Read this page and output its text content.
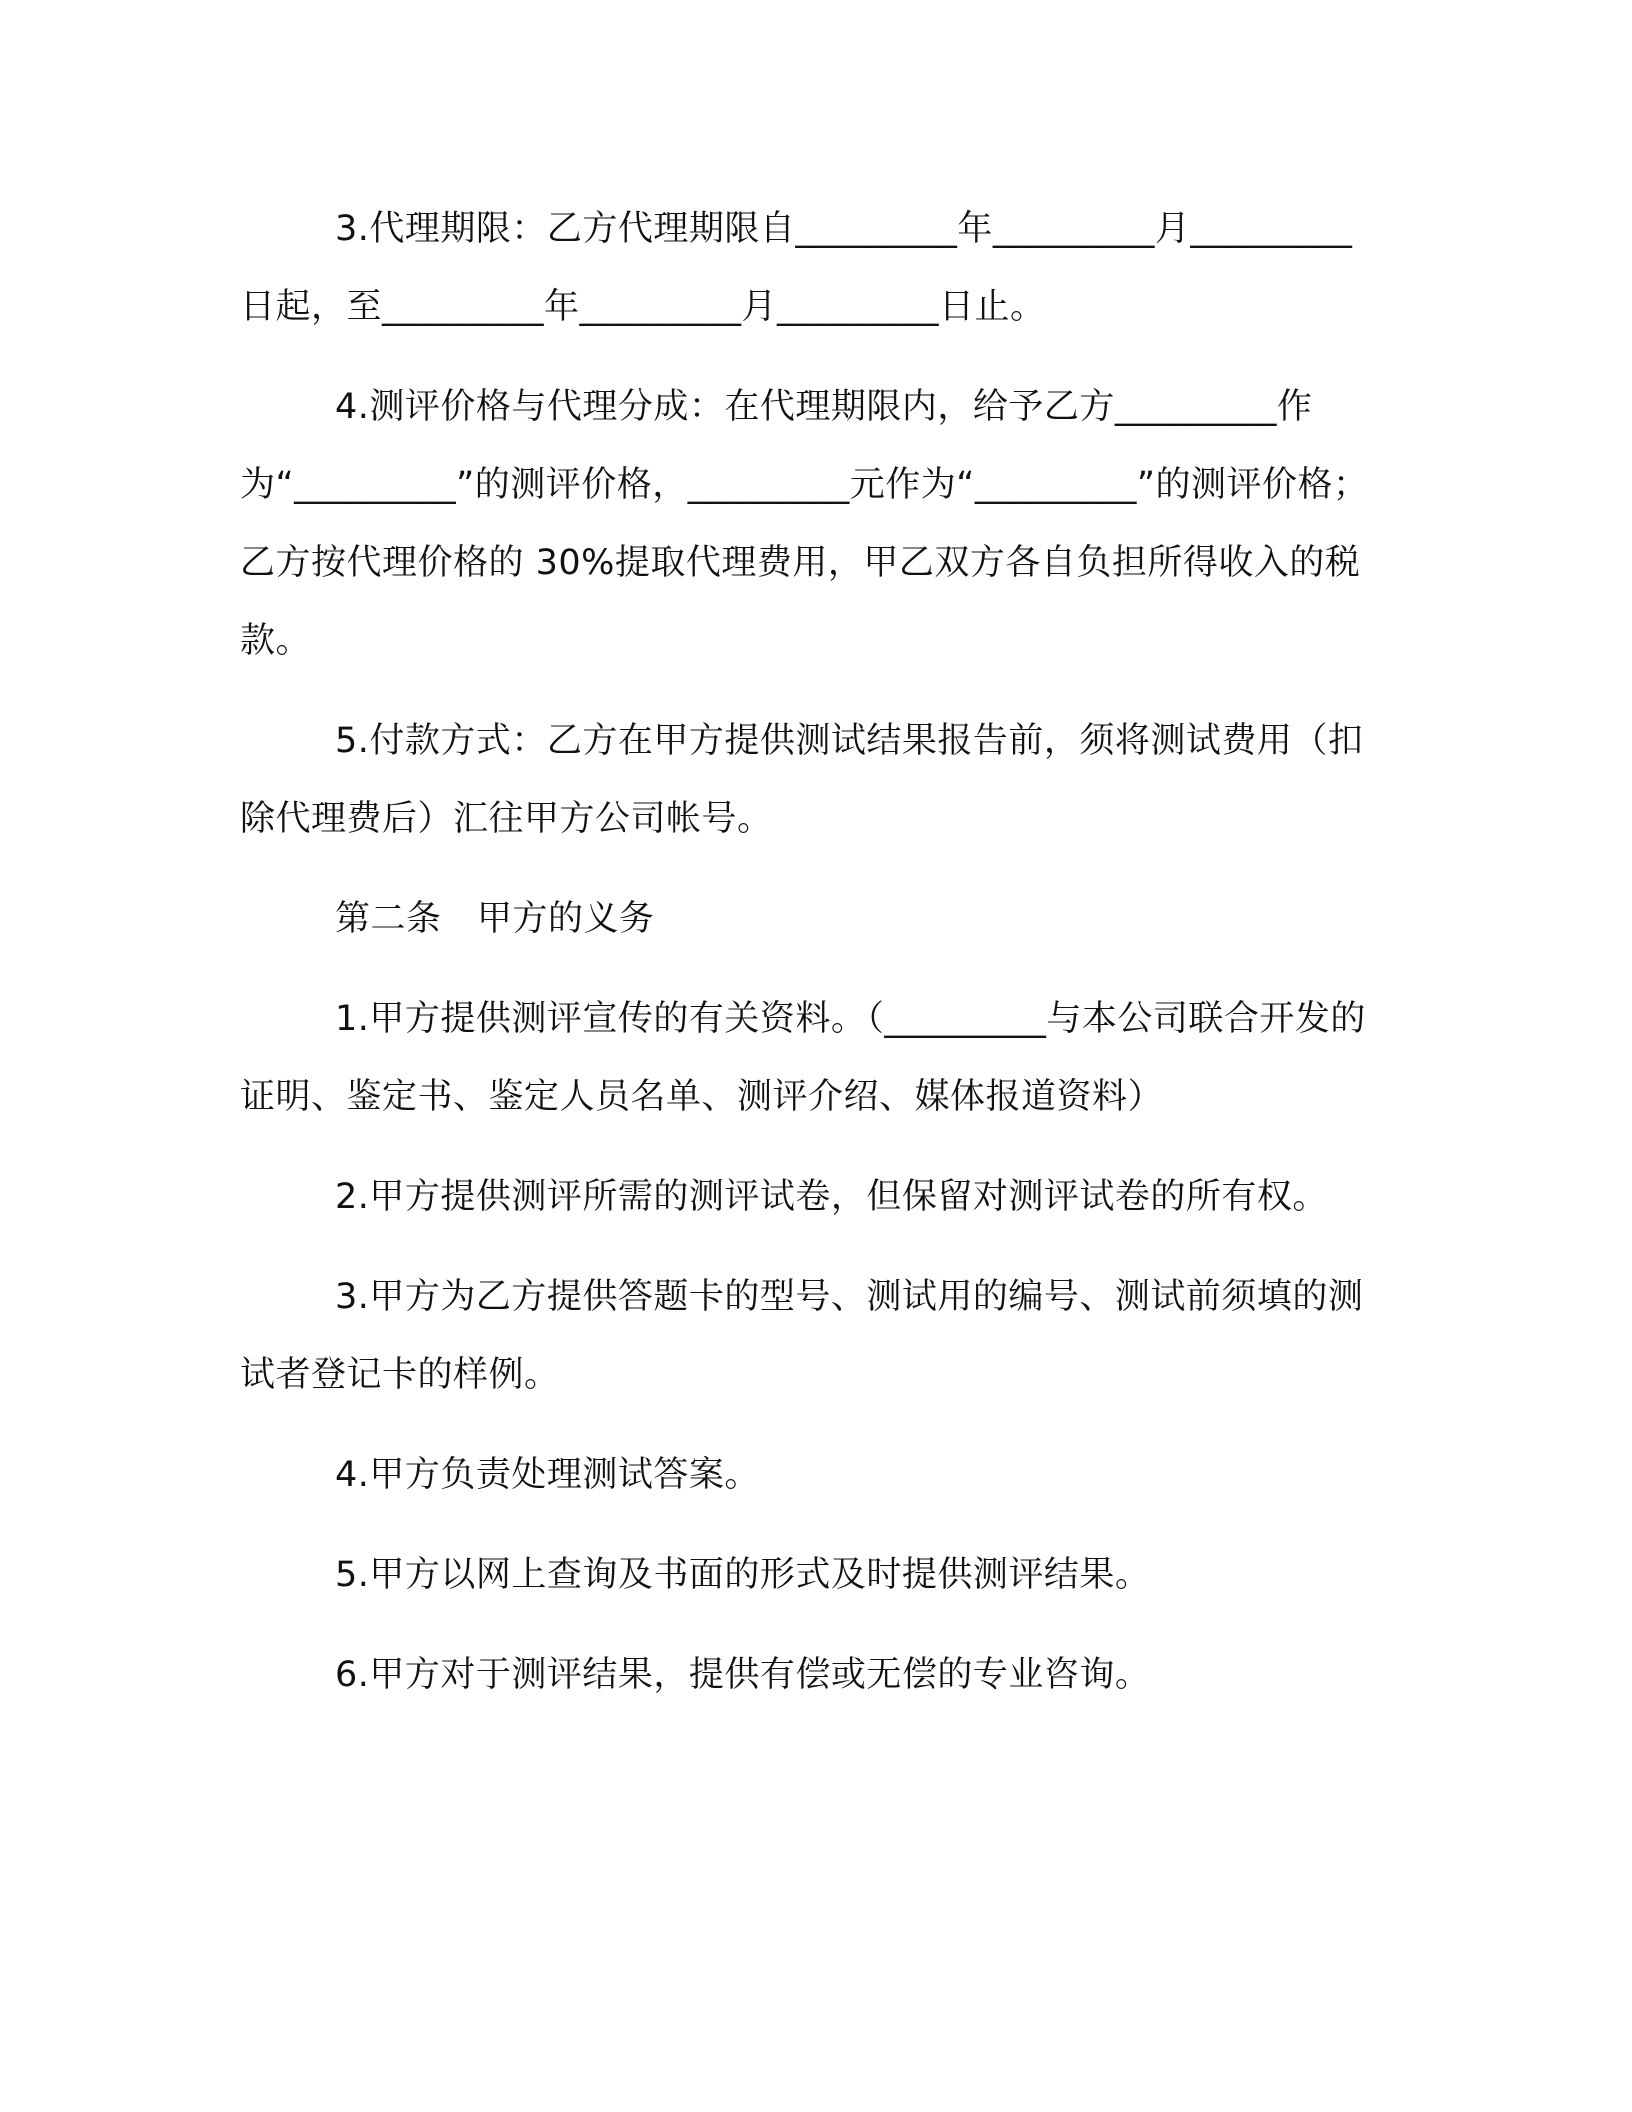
3.代理期限：乙方代理期限自_________年_________月_________日起，至_________年_________月_________日止。

4.测评价格与代理分成：在代理期限内，给予乙方_________作为“_________”的测评价格，_________元作为“_________”的测评价格；乙方按代理价格的 30%提取代理费用，甲乙双方各自负担所得收入的税款。

5.付款方式：乙方在甲方提供测试结果报告前，须将测试费用（扣除代理费后）汇往甲方公司帐号。

第二条　甲方的义务

1.甲方提供测评宣传的有关资料。（_________与本公司联合开发的证明、鉴定书、鉴定人员名单、测评介绍、媒体报道资料）

2.甲方提供测评所需的测评试卷，但保留对测评试卷的所有权。

3.甲方为乙方提供答题卡的型号、测试用的编号、测试前须填的测试者登记卡的样例。

4.甲方负责处理测试答案。

5.甲方以网上查询及书面的形式及时提供测评结果。

6.甲方对于测评结果，提供有偿或无偿的专业咨询。
